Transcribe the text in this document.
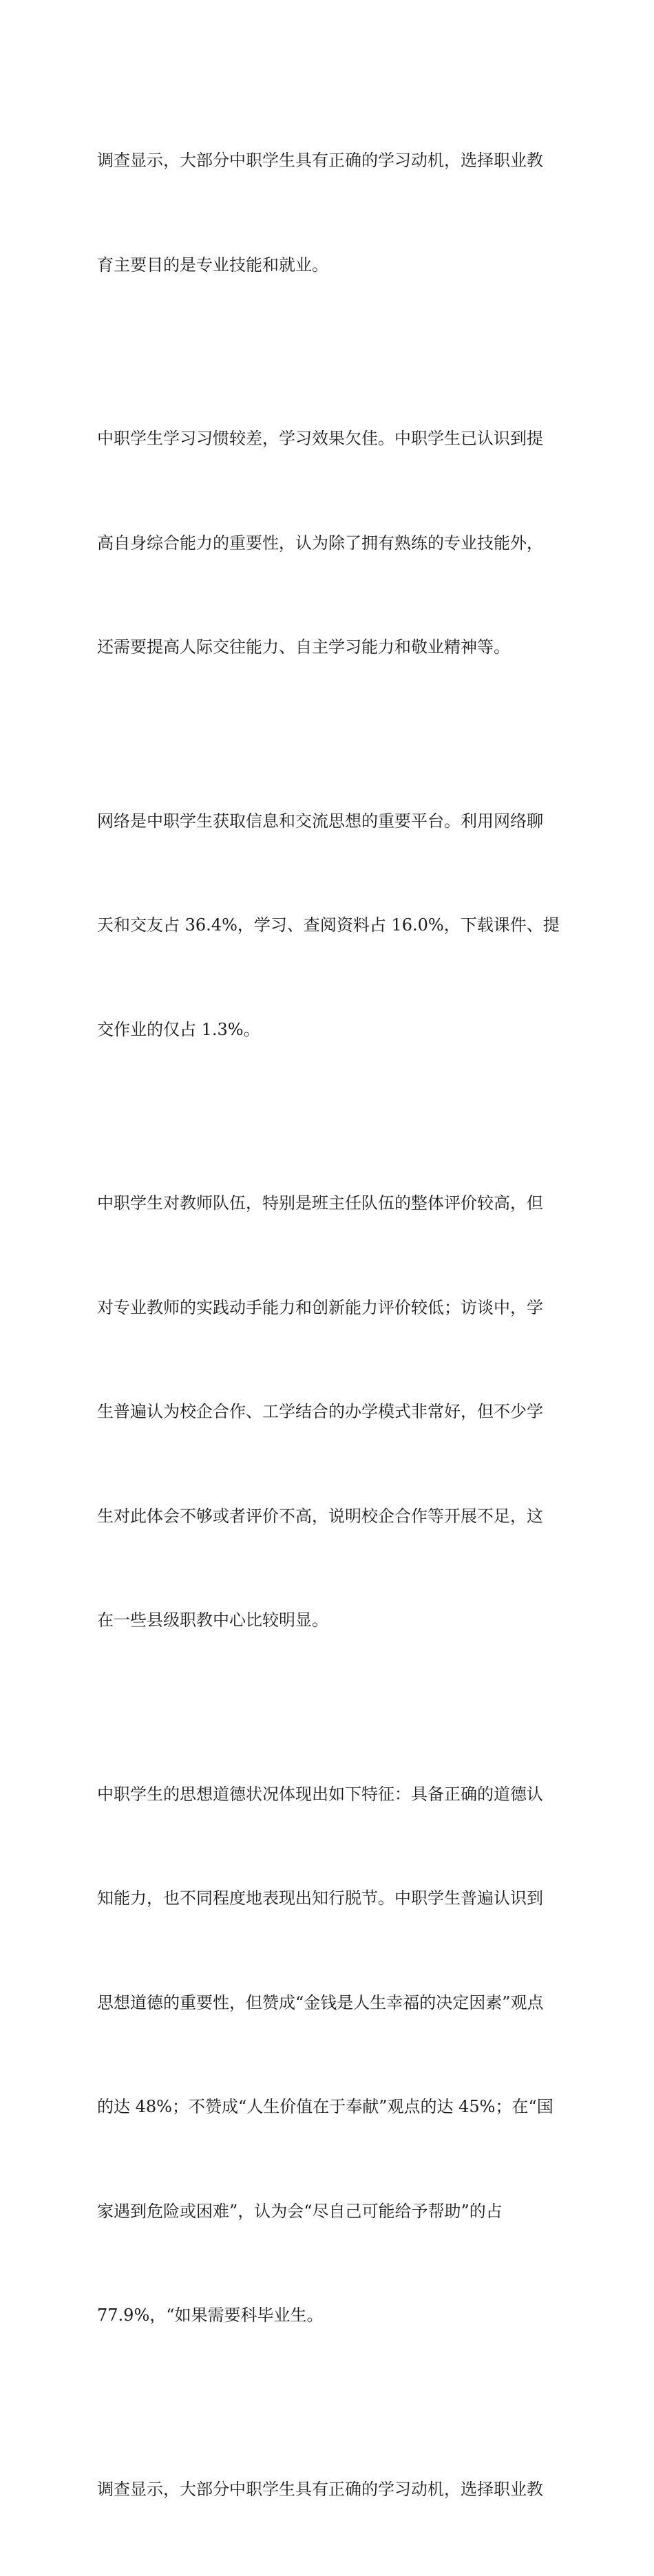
调查显示，大部分中职学生具有正确的学习动机，选择职业教

育主要目的是专业技能和就业。

中职学生学习习惯较差，学习效果欠佳。中职学生已认识到提

高自身综合能力的重要性，认为除了拥有熟练的专业技能外，

还需要提高人际交往能力、自主学习能力和敬业精神等。

网络是中职学生获取信息和交流思想的重要平台。利用网络聊

天和交友占 36.4%，学习、查阅资料占 16.0%，下载课件、提

交作业的仅占 1.3%。

中职学生对教师队伍，特别是班主任队伍的整体评价较高，但

对专业教师的实践动手能力和创新能力评价较低；访谈中，学

生普遍认为校企合作、工学结合的办学模式非常好，但不少学

生对此体会不够或者评价不高，说明校企合作等开展不足，这

在一些县级职教中心比较明显。

中职学生的思想道德状况体现出如下特征：具备正确的道德认

知能力，也不同程度地表现出知行脱节。中职学生普遍认识到

思想道德的重要性，但赞成“金钱是人生幸福的决定因素”观点

的达 48%；不赞成“人生价值在于奉献”观点的达 45%；在“国

家遇到危险或困难”，认为会“尽自己可能给予帮助”的占

77.9%，“如果需要科毕业生。

调查显示，大部分中职学生具有正确的学习动机，选择职业教
